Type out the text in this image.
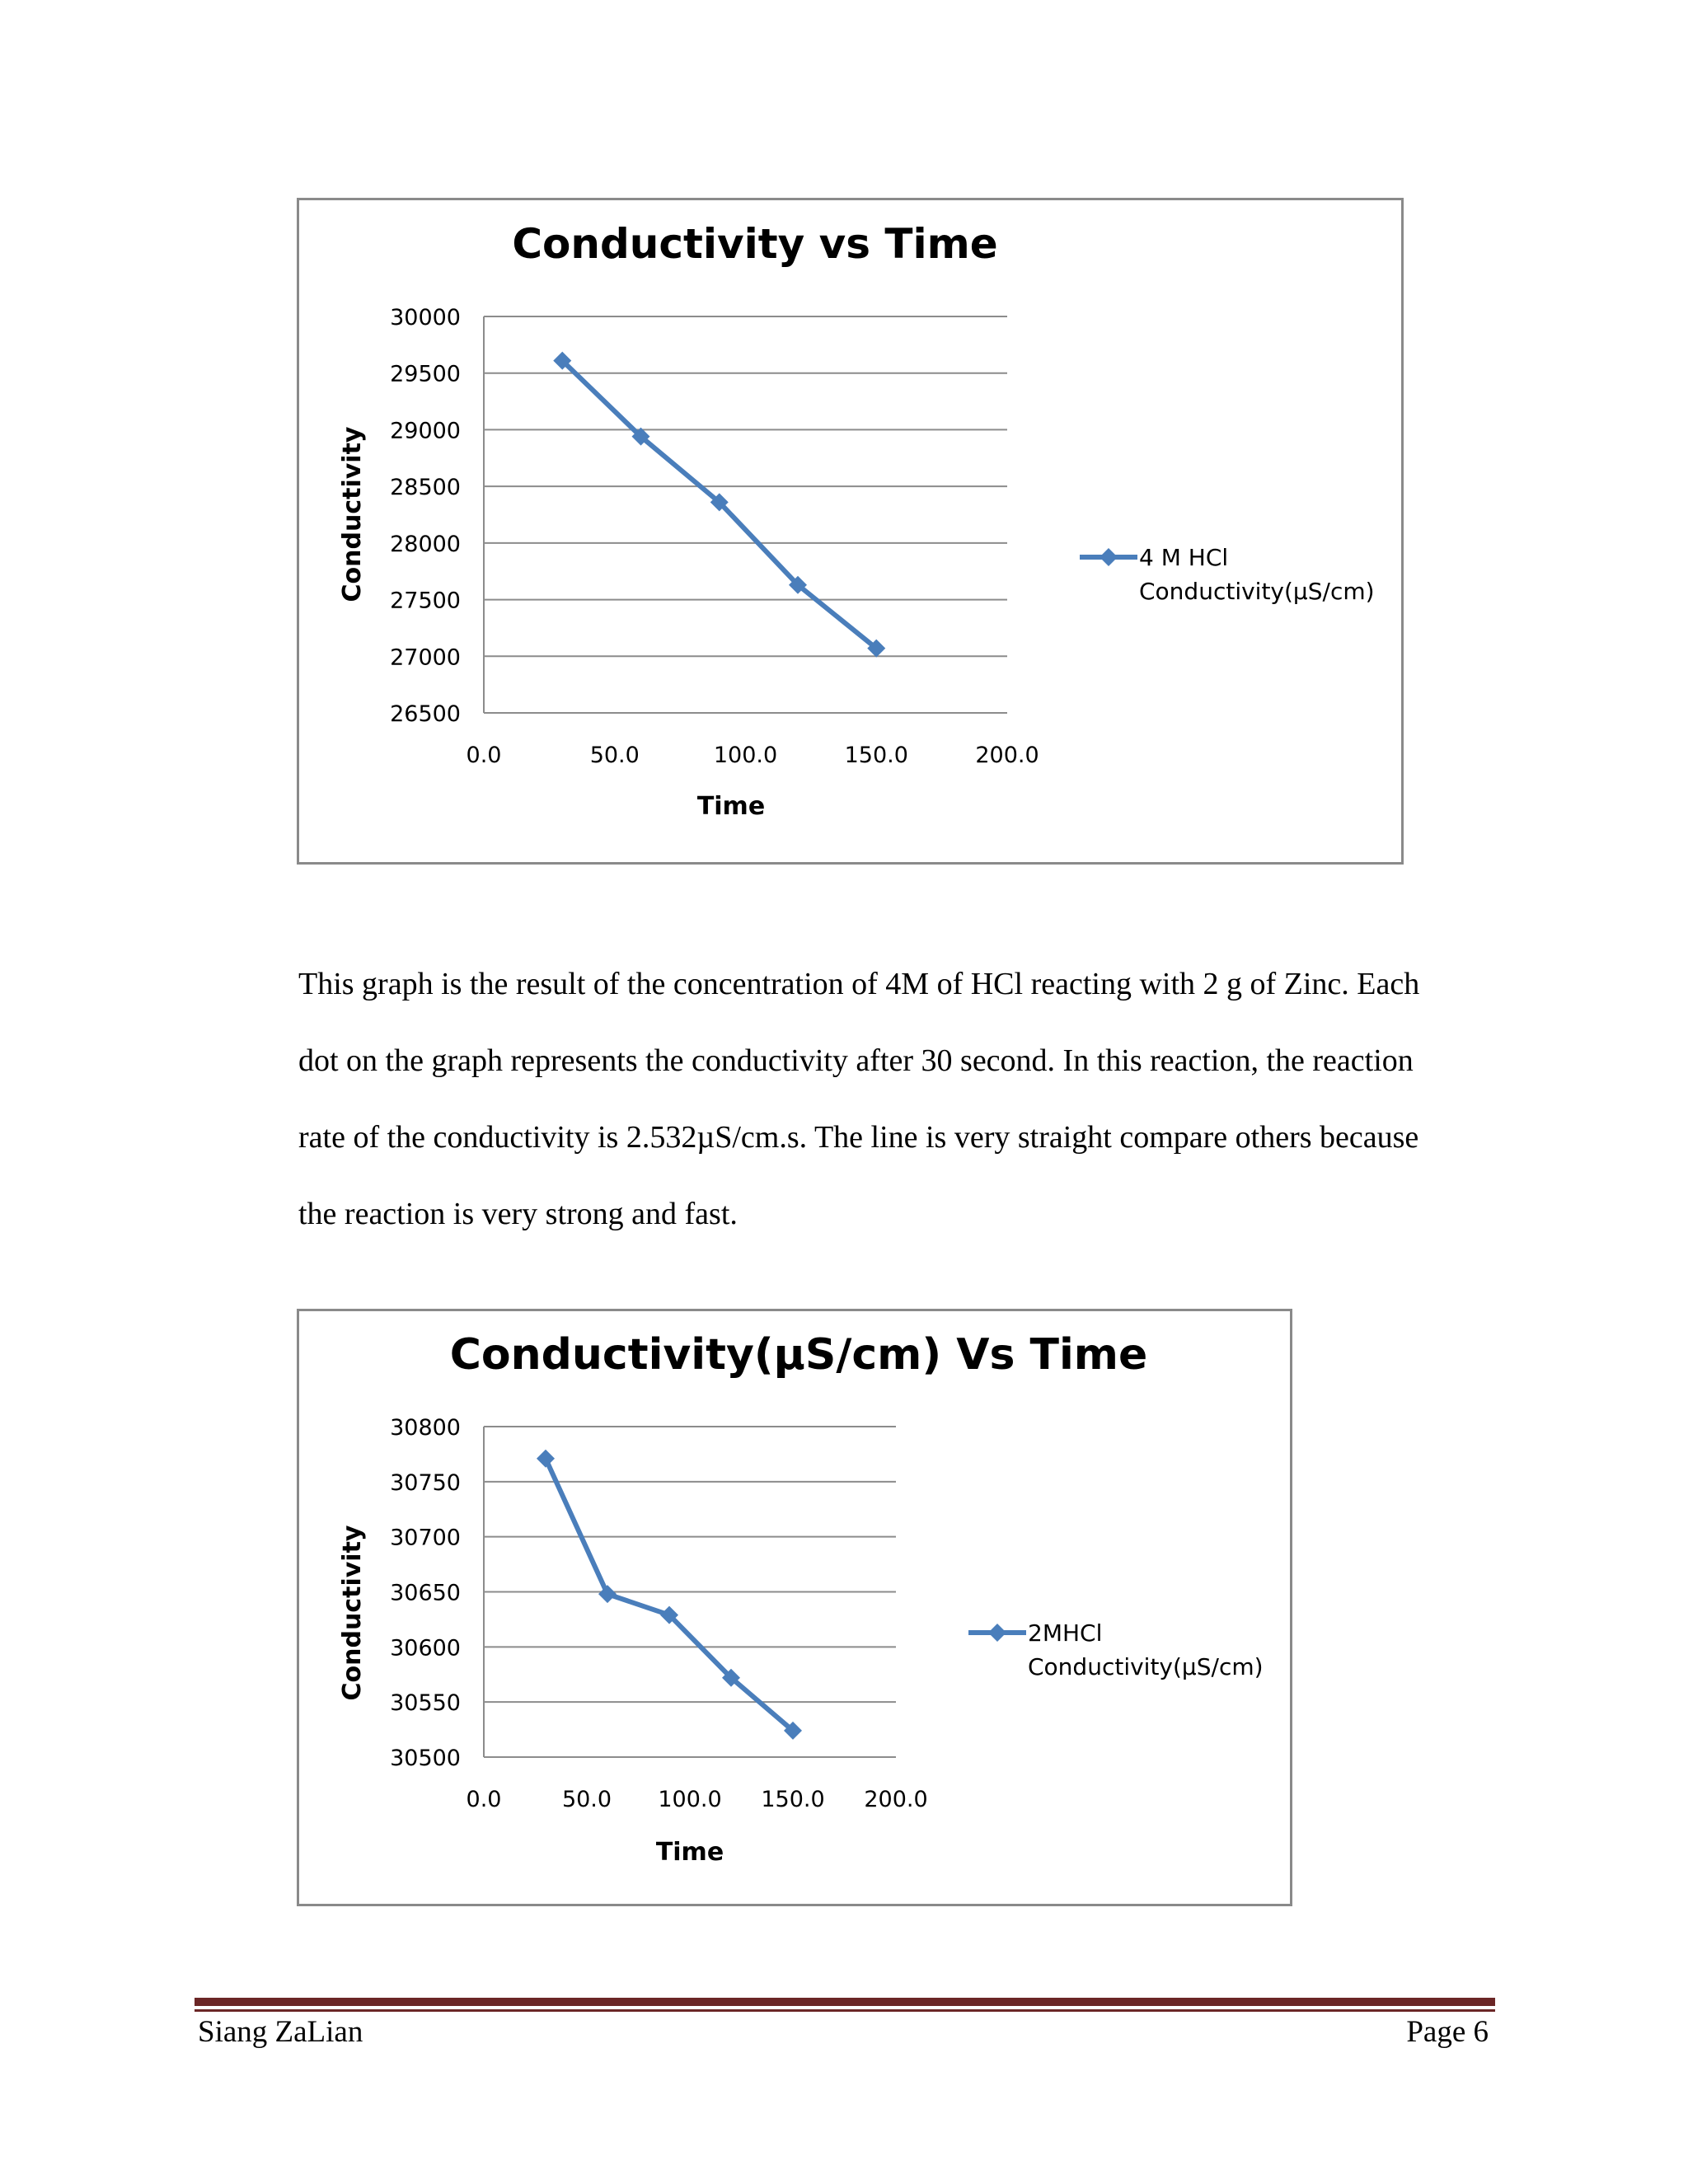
Conductivity vs Time
30000
29500
29000
28500
28000
27500
27000
26500
0.0	50.0	100.0	150.0	200.0
Time
Conductivity	4 M HCl
Conductivity(µS/cm)
This graph is the result of the concentration of 4M of HCl reacting with 2 g of Zinc. Each
dot on the graph represents the conductivity after 30 second. In this reaction, the reaction
rate of the conductivity is 2.532µS/cm.s. The line is very straight compare others because
the reaction is very strong and fast.
Conductivity(µS/cm) Vs Time
30800
30750
30700
30650
30600
30550
30500
0.0	50.0 100.0 150.0 200.0
Time
Conductivity	2MHCl
Conductivity(µS/cm)
Siang ZaLian	Page 6
